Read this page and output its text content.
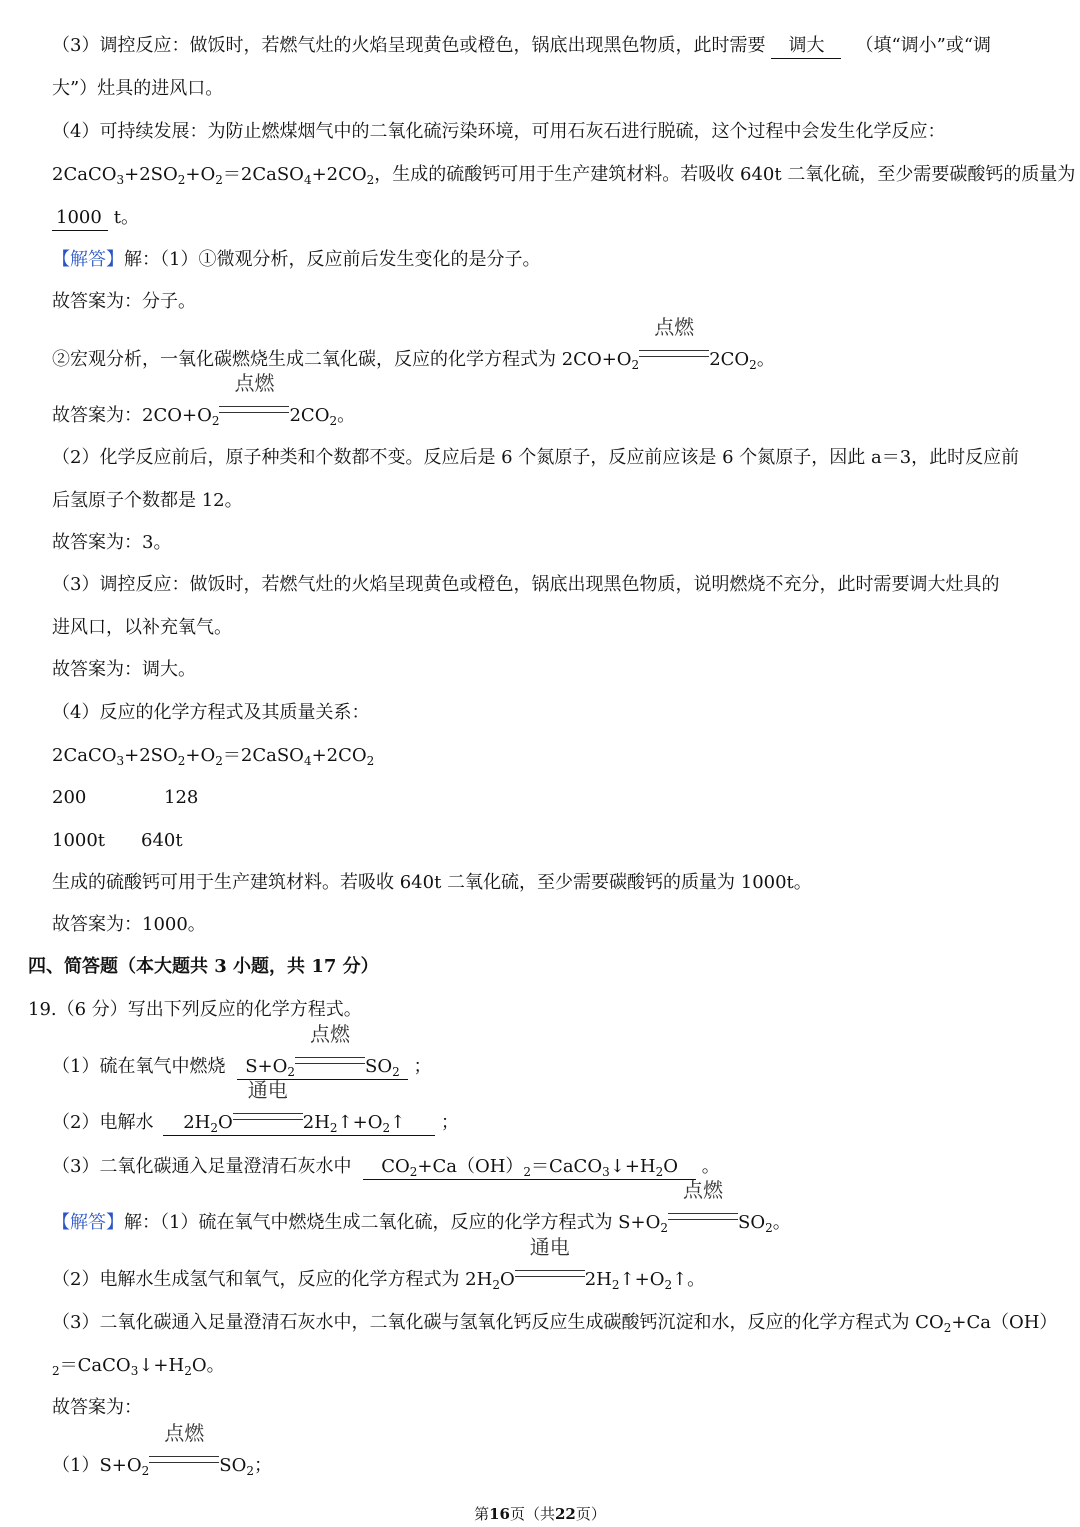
（3）调控反应：做饭时，若燃气灶的火焰呈现黄色或橙色，锅底出现黑色物质，此时需要 调大 （填“调小”或“调
大”）灶具的进风口。
（4）可持续发展：为防止燃煤烟气中的二氧化硫污染环境，可用石灰石进行脱硫，这个过程中会发生化学反应：
$2CaCO_3+2SO_2+O_2=2CaSO_4+2CO_2$，生成的硫酸钙可用于生产建筑材料。若吸收 640t 二氧化硫，至少需要碳酸钙的质量为
1000 t。
【解答】解：（1）①微观分析，反应前后发生变化的是分子。
故答案为：分子。
②宏观分析，一氧化碳燃烧生成二氧化碳，反应的化学方程式为 $2CO+O_2$
点燃
$2CO_2$。
故答案为：$2CO+O_2$
点燃
$2CO_2$。
（2）化学反应前后，原子种类和个数都不变。反应后是 6 个氮原子，反应前应该是 6 个氮原子，因此 a＝3，此时反应前
后氢原子个数都是 12。
故答案为：3。
（3）调控反应：做饭时，若燃气灶的火焰呈现黄色或橙色，锅底出现黑色物质，说明燃烧不充分，此时需要调大灶具的
进风口，以补充氧气。
故答案为：调大。
（4）反应的化学方程式及其质量关系：
$2CaCO_3+2SO_2+O_2=2CaSO_4+2CO_2$
200	128
1000t 640t
生成的硫酸钙可用于生产建筑材料。若吸收 640t 二氧化硫，至少需要碳酸钙的质量为 1000t。
故答案为：1000。
四、简答题（本大题共 3 小题，共 17 分）
19.（6 分）写出下列反应的化学方程式。
（1）硫在氧气中燃烧 $S+O_2$
点燃
$SO_2$ ；
（2）电解水 $2H_2O$
通电
$2H_2↑+O_2↑$ ；
（3）二氧化碳通入足量澄清石灰水中 $CO_2+Ca(OH)_2=CaCO_3↓+H_2O$ 。
【解答】解：（1）硫在氧气中燃烧生成二氧化硫，反应的化学方程式为 $S+O_2$
点燃
$SO_2$。
（2）电解水生成氢气和氧气，反应的化学方程式为 $2H_2O$
通电
$2H_2↑+O_2↑$。
（3）二氧化碳通入足量澄清石灰水中，二氧化碳与氢氧化钙反应生成碳酸钙沉淀和水，反应的化学方程式为 $CO_2+Ca(OH)$
$_2=CaCO_3↓+H_2O$。
故答案为：
$(1)S+O_2$
点燃
$SO_2$；
第16页（共22页）
